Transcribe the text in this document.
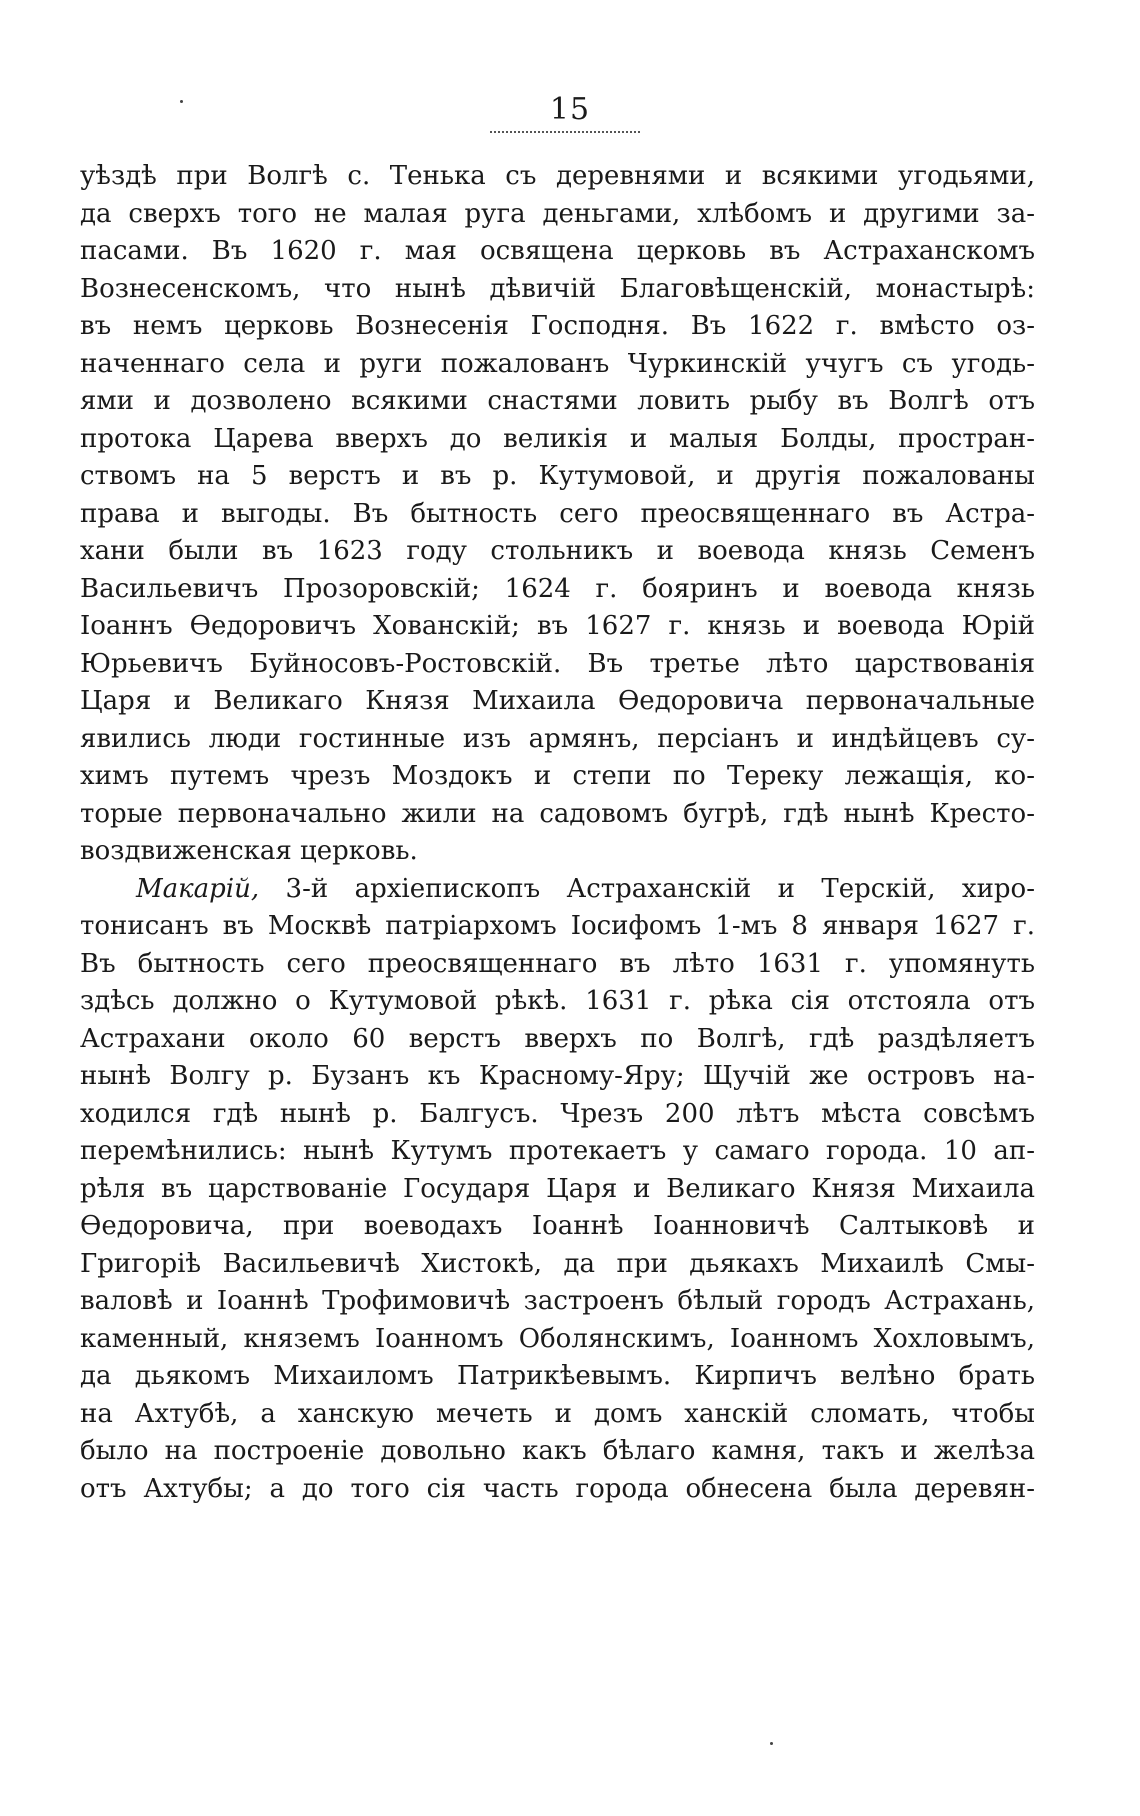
15
уѣздѣ при Волгѣ с. Тенька съ деревнями и всякими угодьями,
да сверхъ того не малая руга деньгами, хлѣбомъ и другими за-
пасами. Въ 1620 г. мая освящена церковь въ Астраханскомъ
Вознесенскомъ, что нынѣ дѣвичій Благовѣщенскій, монастырѣ:
въ немъ церковь Вознесенія Господня. Въ 1622 г. вмѣсто оз-
наченнаго села и руги пожалованъ Чуркинскій учугъ съ угодь-
ями и дозволено всякими снастями ловить рыбу въ Волгѣ отъ
протока Царева вверхъ до великія и малыя Болды, простран-
ствомъ на 5 верстъ и въ р. Кутумовой, и другія пожалованы
права и выгоды. Въ бытность сего преосвященнаго въ Астра-
хани были въ 1623 году стольникъ и воевода князь Семенъ
Васильевичъ Прозоровскій; 1624 г. бояринъ и воевода князь
Іоаннъ Ѳедоровичъ Хованскій; въ 1627 г. князь и воевода Юрій
Юрьевичъ Буйносовъ-Ростовскій. Въ третье лѣто царствованія
Царя и Великаго Князя Михаила Ѳедоровича первоначальные
явились люди гостинные изъ армянъ, персіанъ и индѣйцевъ су-
химъ путемъ чрезъ Моздокъ и степи по Тереку лежащія, ко-
торые первоначально жили на садовомъ бугрѣ, гдѣ нынѣ Кресто-
воздвиженская церковь.
Макарій, 3-й архіепископъ Астраханскій и Терскій, хиро-
тонисанъ въ Москвѣ патріархомъ Іосифомъ 1-мъ 8 января 1627 г.
Въ бытность сего преосвященнаго въ лѣто 1631 г. упомянуть
здѣсь должно о Кутумовой рѣкѣ. 1631 г. рѣка сія отстояла отъ
Астрахани около 60 верстъ вверхъ по Волгѣ, гдѣ раздѣляетъ
нынѣ Волгу р. Бузанъ къ Красному-Яру; Щучій же островъ на-
ходился гдѣ нынѣ р. Балгусъ. Чрезъ 200 лѣтъ мѣста совсѣмъ
перемѣнились: нынѣ Кутумъ протекаетъ у самаго города. 10 ап-
рѣля въ царствованіе Государя Царя и Великаго Князя Михаила
Ѳедоровича, при воеводахъ Іоаннѣ Іоанновичѣ Салтыковѣ и
Григоріѣ Васильевичѣ Хистокѣ, да при дьякахъ Михаилѣ Смы-
валовѣ и Іоаннѣ Трофимовичѣ застроенъ бѣлый городъ Астрахань,
каменный, княземъ Іоанномъ Оболянскимъ, Іоанномъ Хохловымъ,
да дьякомъ Михаиломъ Патрикѣевымъ. Кирпичъ велѣно брать
на Ахтубѣ, а ханскую мечеть и домъ ханскій сломать, чтобы
было на построеніе довольно какъ бѣлаго камня, такъ и желѣза
отъ Ахтубы; а до того сія часть города обнесена была деревян-
